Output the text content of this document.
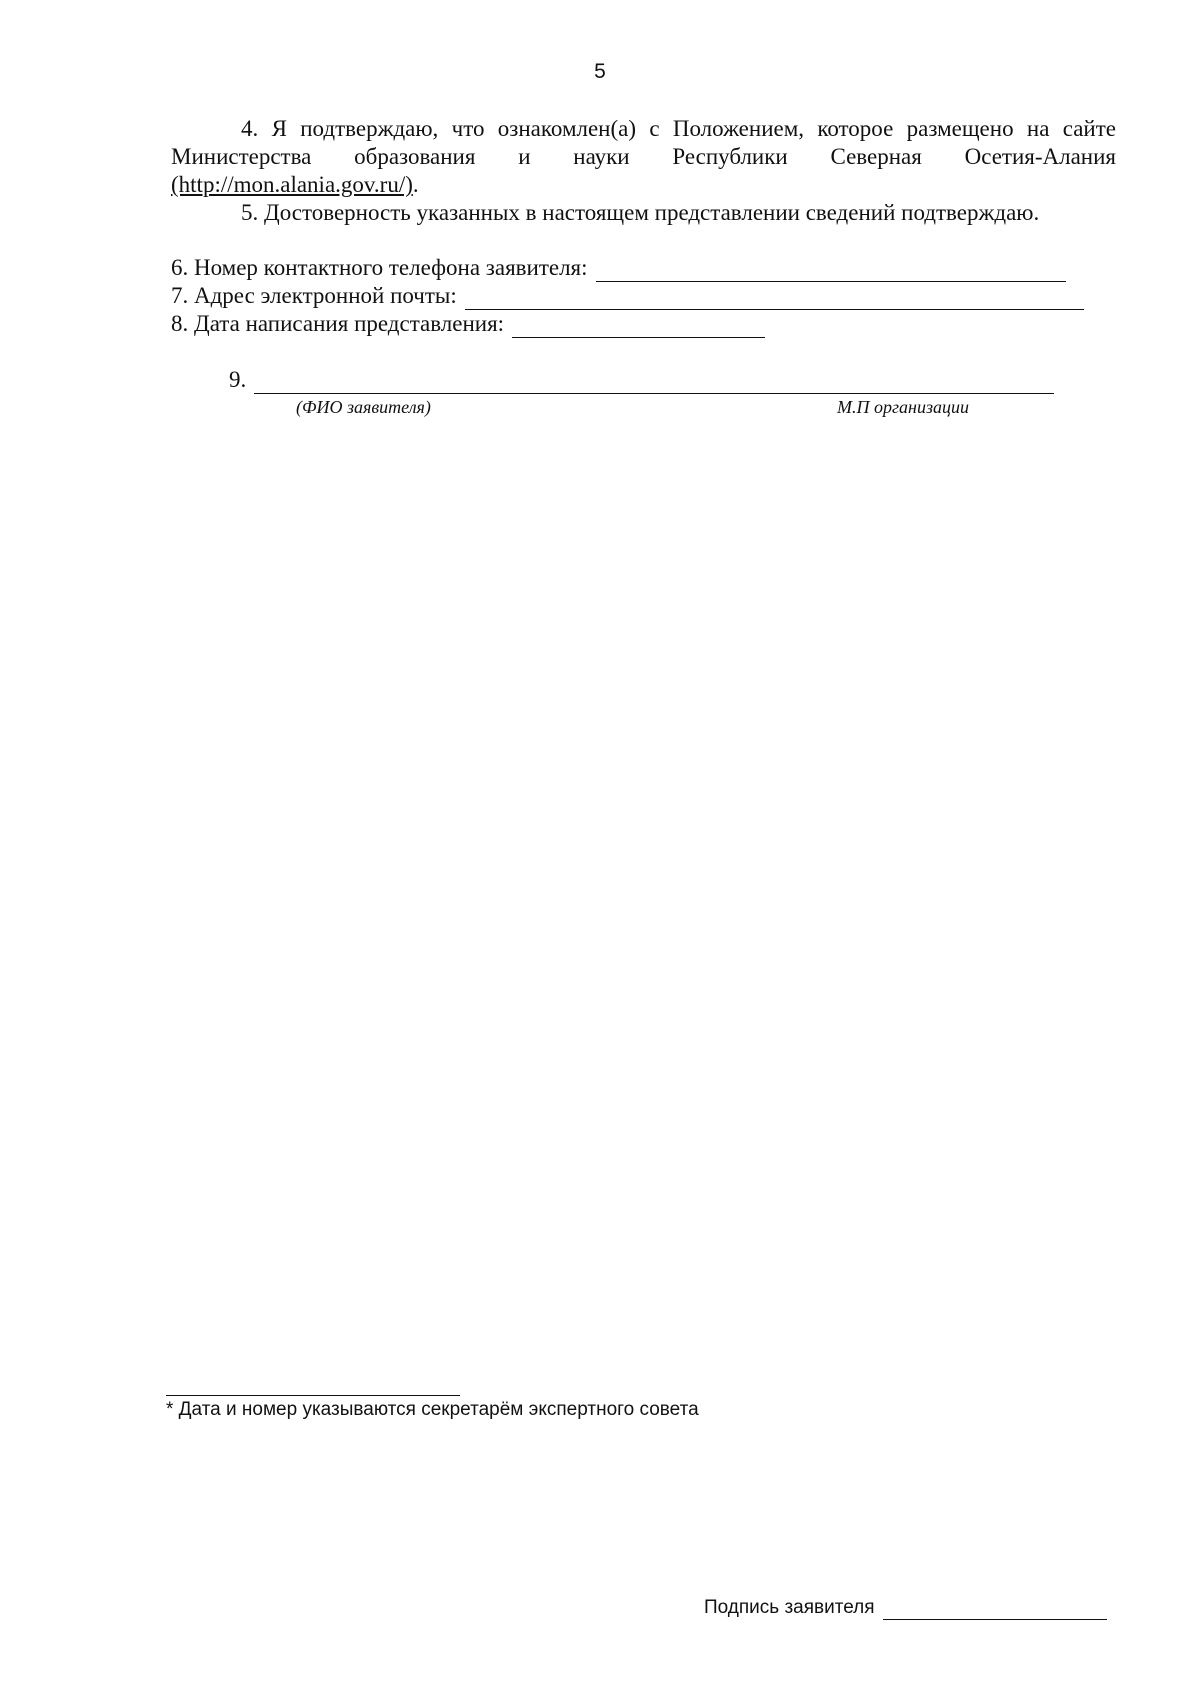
5
4. Я подтверждаю, что ознакомлен(а) с Положением, которое размещено на сайте Министерства образования и науки Республики Северная Осетия-Алания (http://mon.alania.gov.ru/).
5. Достоверность указанных в настоящем представлении сведений подтверждаю.
6. Номер контактного телефона заявителя:
7. Адрес электронной почты:
8. Дата написания представления:
9.
(ФИО заявителя)	М.П организации
* Дата и номер указываются секретарём экспертного совета
Подпись заявителя
